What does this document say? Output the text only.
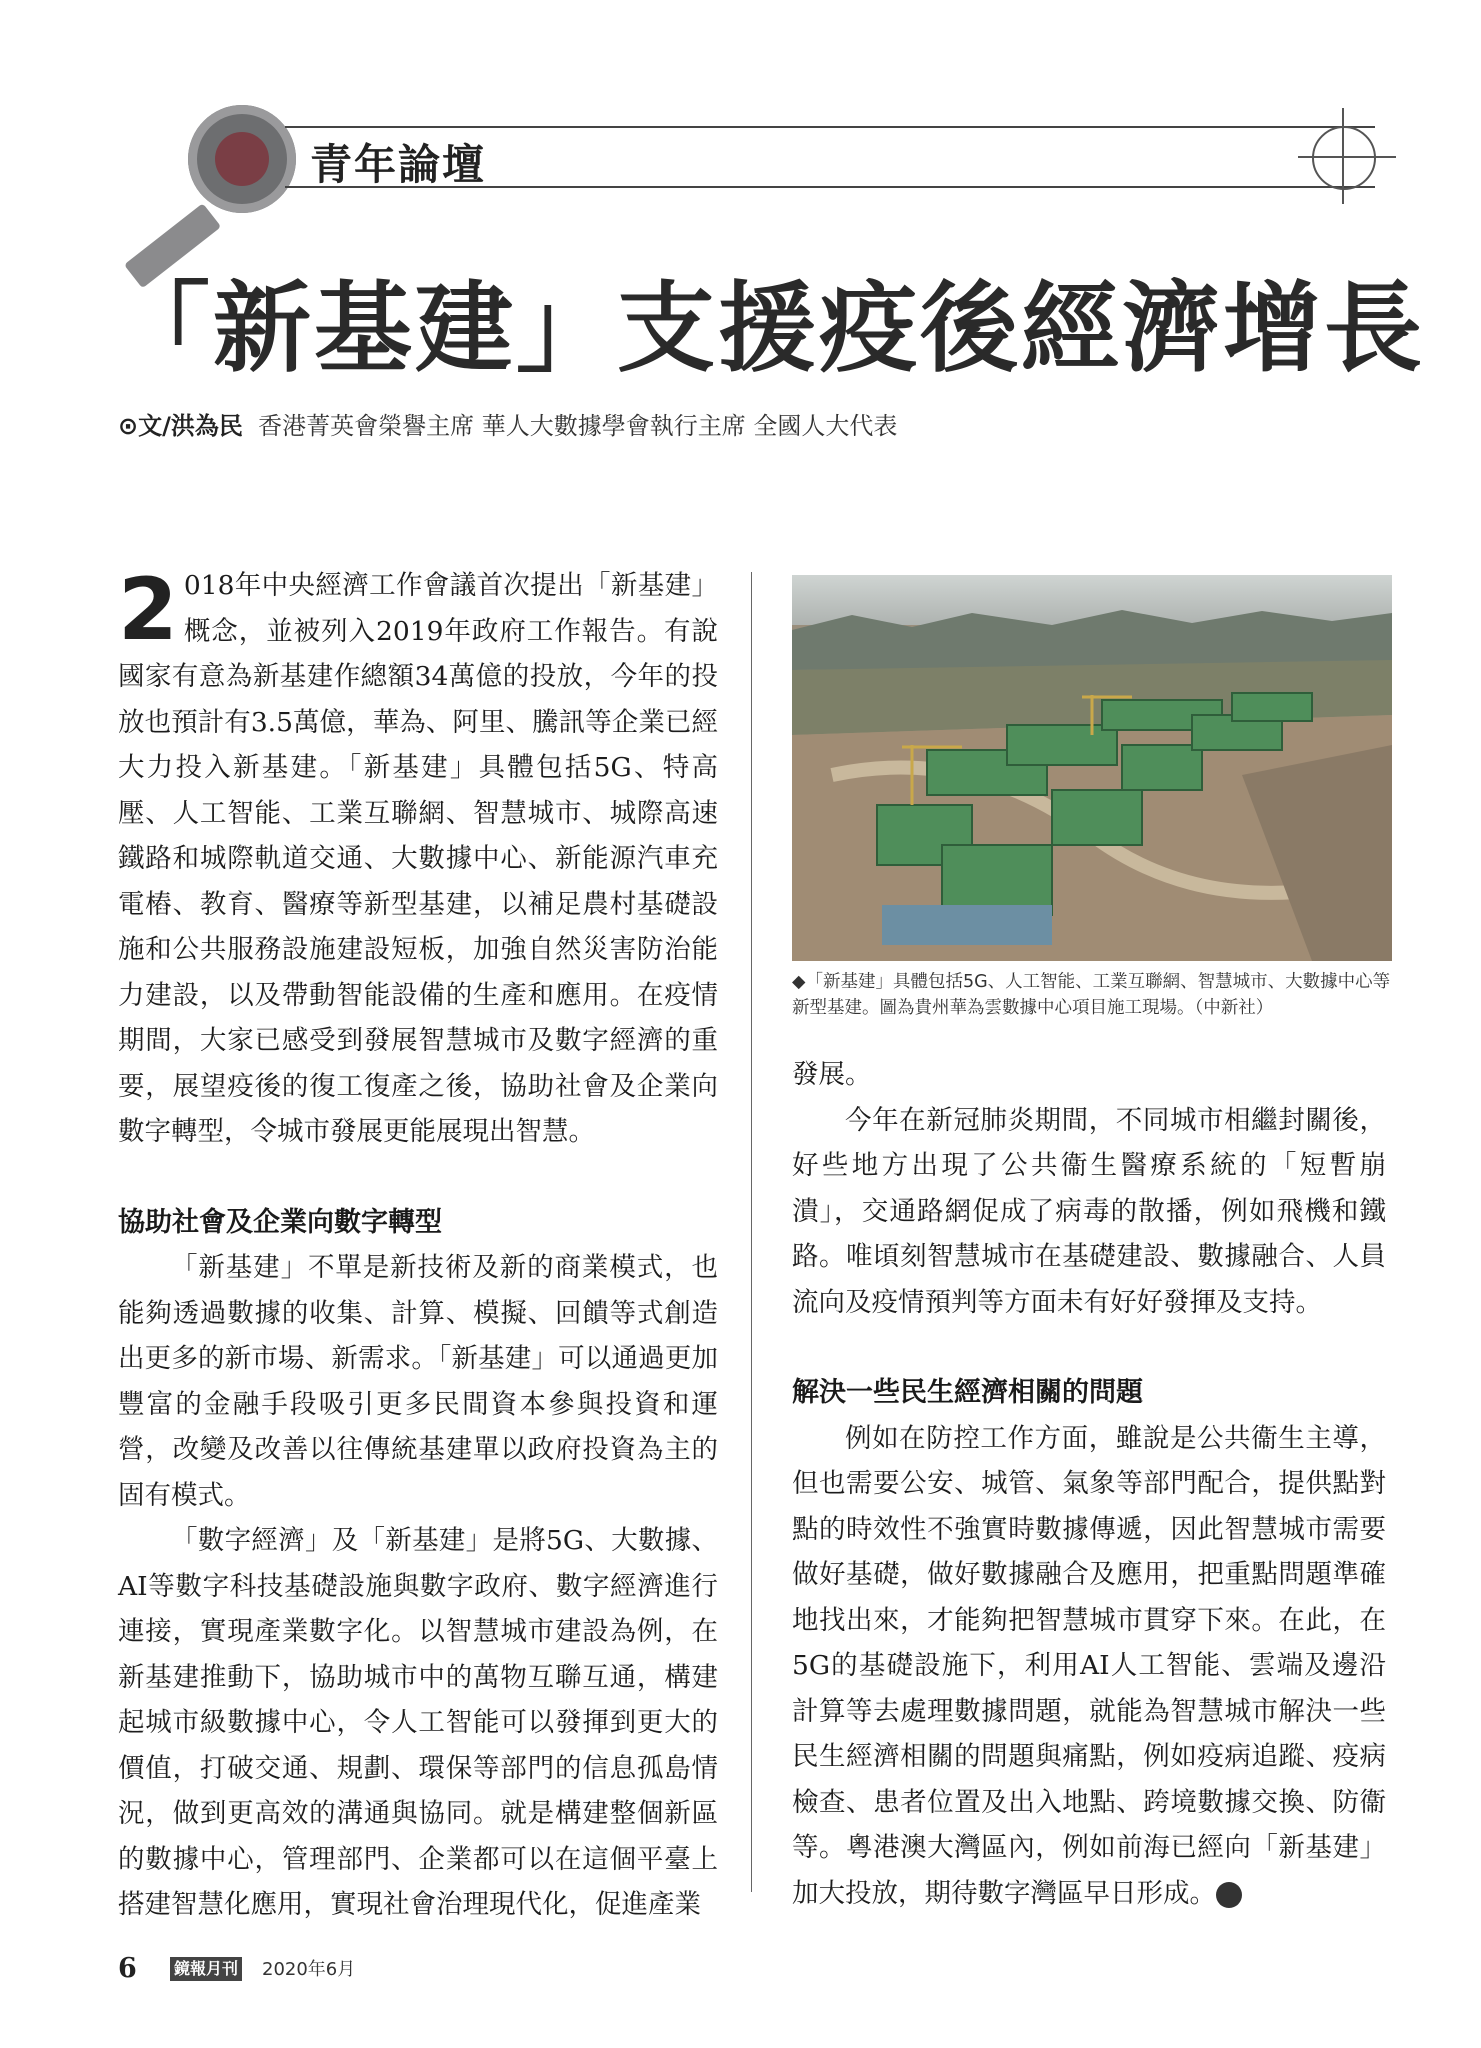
青年論壇
「新基建」支援疫後經濟增長
⊙文/洪為民 香港菁英會榮譽主席 華人大數據學會執行主席 全國人大代表

2 018年中央經濟工作會議首次提出「新基建」概念，並被列入2019年政府工作報告。有說國家有意為新基建作總額34萬億的投放，今年的投放也預計有3.5萬億，華為、阿里、騰訊等企業已經大力投入新基建。「新基建」具體包括5G、特高壓、人工智能、工業互聯網、智慧城市、城際高速鐵路和城際軌道交通、大數據中心、新能源汽車充電樁、教育、醫療等新型基建，以補足農村基礎設施和公共服務設施建設短板，加強自然災害防治能力建設，以及帶動智能設備的生產和應用。在疫情期間，大家已感受到發展智慧城市及數字經濟的重要，展望疫後的復工復產之後，協助社會及企業向數字轉型，令城市發展更能展現出智慧。

協助社會及企業向數字轉型

「新基建」不單是新技術及新的商業模式，也能夠透過數據的收集、計算、模擬、回饋等式創造出更多的新市場、新需求。「新基建」可以通過更加豐富的金融手段吸引更多民間資本參與投資和運營，改變及改善以往傳統基建單以政府投資為主的固有模式。

「數字經濟」及「新基建」是將5G、大數據、AI等數字科技基礎設施與數字政府、數字經濟進行連接，實現產業數字化。以智慧城市建設為例，在新基建推動下，協助城市中的萬物互聯互通，構建起城市級數據中心，令人工智能可以發揮到更大的價值，打破交通、規劃、環保等部門的信息孤島情況，做到更高效的溝通與協同。就是構建整個新區的數據中心，管理部門、企業都可以在這個平臺上搭建智慧化應用，實現社會治理現代化，促進產業

◆「新基建」具體包括5G、人工智能、工業互聯網、智慧城市、大數據中心等新型基建。圖為貴州華為雲數據中心項目施工現場。（中新社）

發展。

今年在新冠肺炎期間，不同城市相繼封關後，好些地方出現了公共衞生醫療系統的「短暫崩潰」，交通路網促成了病毒的散播，例如飛機和鐵路。唯頃刻智慧城市在基礎建設、數據融合、人員流向及疫情預判等方面未有好好發揮及支持。

解決一些民生經濟相關的問題

例如在防控工作方面，雖說是公共衞生主導，但也需要公安、城管、氣象等部門配合，提供點對點的時效性不強實時數據傳遞，因此智慧城市需要做好基礎，做好數據融合及應用，把重點問題準確地找出來，才能夠把智慧城市貫穿下來。在此，在5G的基礎設施下，利用AI人工智能、雲端及邊沿計算等去處理數據問題，就能為智慧城市解決一些民生經濟相關的問題與痛點，例如疫病追蹤、疫病檢查、患者位置及出入地點、跨境數據交換、防衞等。粵港澳大灣區內，例如前海已經向「新基建」加大投放，期待數字灣區早日形成。	鏡

6 鏡報月刊 2020年6月
